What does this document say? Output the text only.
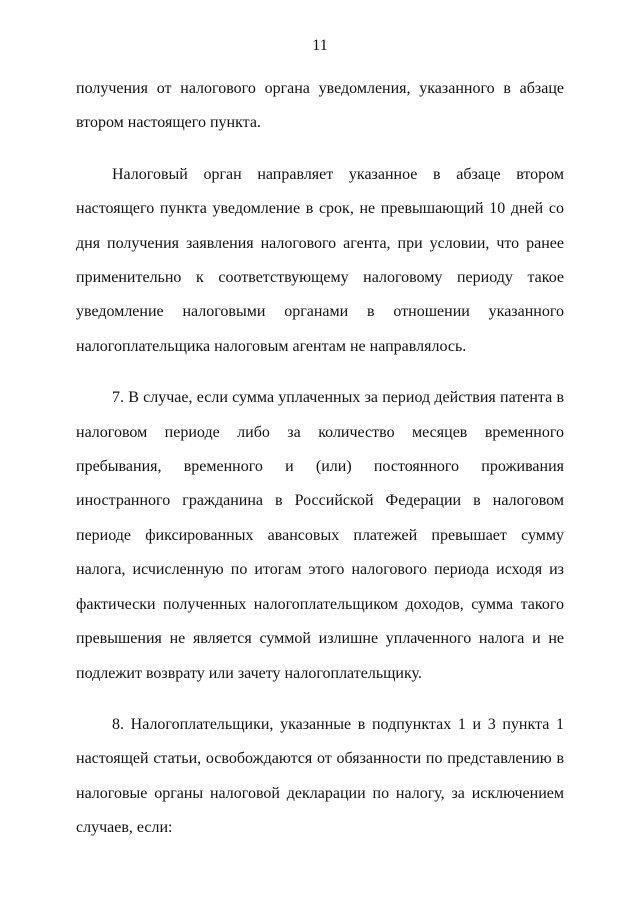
11

получения от налогового органа уведомления, указанного в абзаце втором настоящего пункта.

Налоговый орган направляет указанное в абзаце втором настоящего пункта уведомление в срок, не превышающий 10 дней со дня получения заявления налогового агента, при условии, что ранее применительно к соответствующему налоговому периоду такое уведомление налоговыми органами в отношении указанного налогоплательщика налоговым агентам не направлялось.

7. В случае, если сумма уплаченных за период действия патента в налоговом периоде либо за количество месяцев временного пребывания, временного и (или) постоянного проживания иностранного гражданина в Российской Федерации в налоговом периоде фиксированных авансовых платежей превышает сумму налога, исчисленную по итогам этого налогового периода исходя из фактически полученных налогоплательщиком доходов, сумма такого превышения не является суммой излишне уплаченного налога и не подлежит возврату или зачету налогоплательщику.

8. Налогоплательщики, указанные в подпунктах 1 и 3 пункта 1 настоящей статьи, освобождаются от обязанности по представлению в налоговые органы налоговой декларации по налогу, за исключением случаев, если:
